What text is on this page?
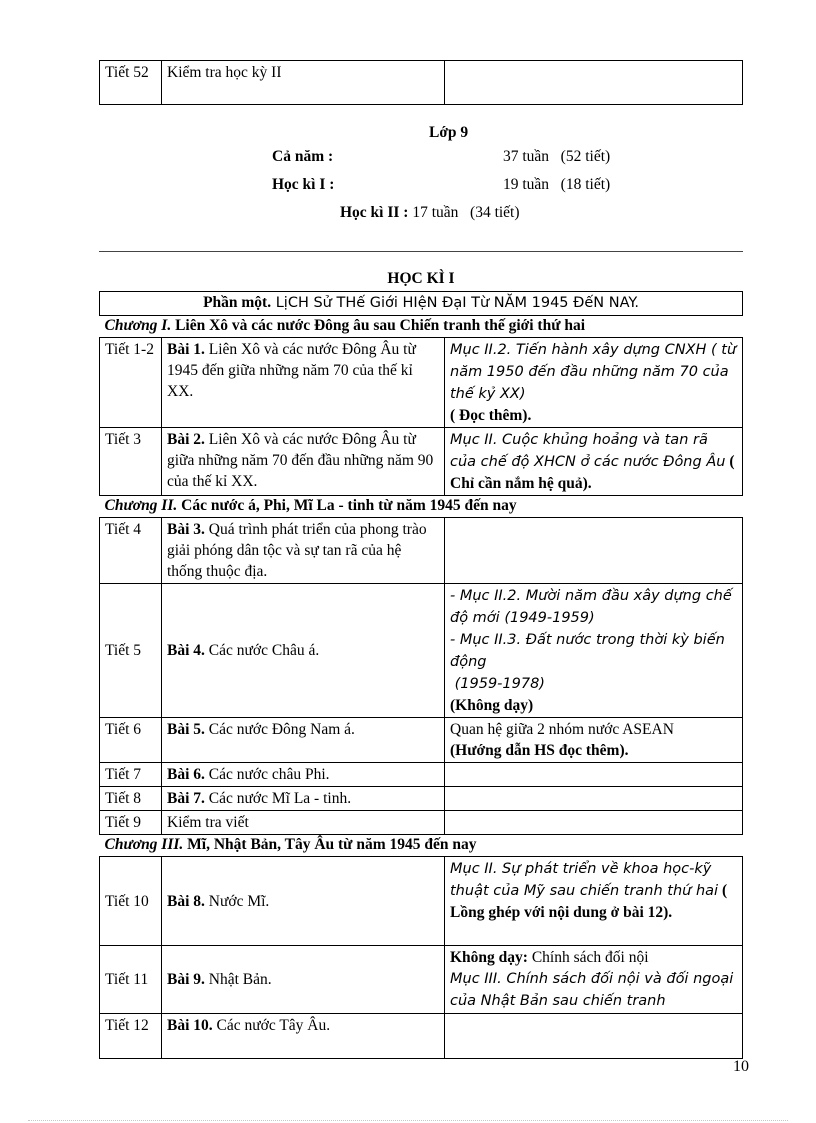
Tiết 52	Kiểm tra học kỳ II	
Lớp 9
Cả năm :	37 tuần   (52 tiết)
Học kì I :	19 tuần   (18 tiết)
Học kì II : 17 tuần   (34 tiết)
HỌC KÌ I
Phần một. LịCH Sử THế Giới HIệN ĐạI Từ NĂM 1945 ĐếN NAY.		
Chương I. Liên Xô và các nước Đông âu sau Chiến tranh thế giới thứ hai		
Tiết 1-2	Bài 1. Liên Xô và các nước Đông Âu từ 1945 đến giữa những năm 70 của thế kỉ XX.	Mục II.2. Tiến hành xây dựng CNXH ( từ năm 1950 đến đầu những năm 70 của thế kỷ XX)
( Đọc thêm).
Tiết 3	Bài 2. Liên Xô và các nước Đông Âu từ giữa những năm 70 đến đầu những năm 90 của thế kỉ XX.	Mục II. Cuộc khủng hoảng và tan rã của chế độ XHCN ở các nước Đông Âu ( Chỉ cần nắm hệ quả).
Chương II. Các nước á, Phi, Mĩ La - tinh từ năm 1945 đến nay		
Tiết 4	Bài 3. Quá trình phát triển của phong trào giải phóng dân tộc và sự tan rã của hệ thống thuộc địa.	
Tiết 5	Bài 4. Các nước Châu á.	- Mục II.2. Mười năm đầu xây dựng chế độ mới (1949-1959)
- Mục II.3. Đất nước trong thời kỳ biến động
(1959-1978)
(Không dạy)
Tiết 6	Bài 5. Các nước Đông Nam á.	Quan hệ giữa 2 nhóm nước ASEAN
(Hướng dẫn HS đọc thêm).
Tiết 7	Bài 6. Các nước châu Phi.	
Tiết 8	Bài 7. Các nước Mĩ La - tinh.	
Tiết 9	Kiểm tra viết	
Chương III. Mĩ, Nhật Bản, Tây Âu từ năm 1945 đến nay		
Tiết 10	Bài 8. Nước Mĩ.	Mục II. Sự phát triển về khoa học-kỹ thuật của Mỹ sau chiến tranh thứ hai ( Lồng ghép với nội dung ở bài 12).
Tiết 11	Bài 9. Nhật Bản.	Không dạy: Chính sách đối nội
Mục III. Chính sách đối nội và đối ngoại của Nhật Bản sau chiến tranh
Tiết 12	Bài 10. Các nước Tây Âu.	
10
